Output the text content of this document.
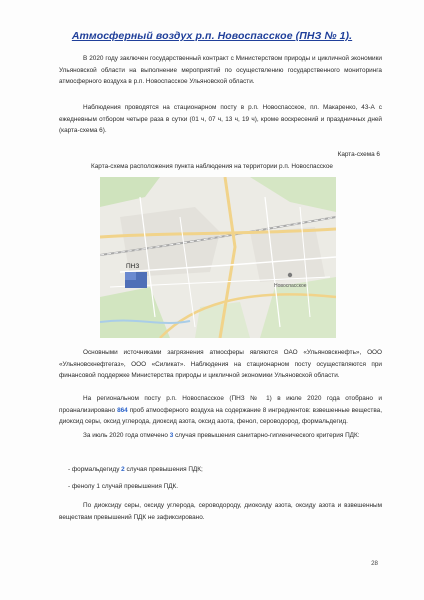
Атмосферный воздух р.п. Новоспасское (ПНЗ № 1).
В 2020 году заключен государственный контракт с Министерством природы и цикличной экономики Ульяновской области на выполнение мероприятий по осуществлению государственного мониторинга атмосферного воздуха в р.п. Новоспасское Ульяновской области.
Наблюдения проводятся на стационарном посту в р.п. Новоспасское, пл. Макаренко, 43-А с ежедневным отбором четыре раза в сутки (01 ч, 07 ч, 13 ч, 19 ч), кроме воскресений и праздничных дней (карта-схема 6).
Карта-схема 6
Карта-схема расположения пункта наблюдения на территории р.п. Новоспасское
ПНЗ
Новоспасское
Основными источниками загрязнения атмосферы являются ОАО «Ульяновскнефть», ООО «Ульяновскнефтегаз», ООО «Силикат». Наблюдения на стационарном посту осуществляются при финансовой поддержке Министерства природы и цикличной экономики Ульяновской области.
На региональном посту р.п. Новоспасское (ПНЗ № 1) в июле 2020 года отобрано и проанализировано 864 проб атмосферного воздуха на содержание 8 ингредиентов: взвешенные вещества, диоксид серы, оксид углерода, диоксид азота, оксид азота, фенол, сероводород, формальдегид.
За июль 2020 года отмечено 3 случая превышения санитарно-гигиенического критерия ПДК:
- формальдегиду 2 случая превышения ПДК;
- фенолу 1 случай превышения ПДК.
По диоксиду серы, оксиду углерода, сероводороду, диоксиду азота, оксиду азота и взвешенным веществам превышений ПДК не зафиксировано.
28
